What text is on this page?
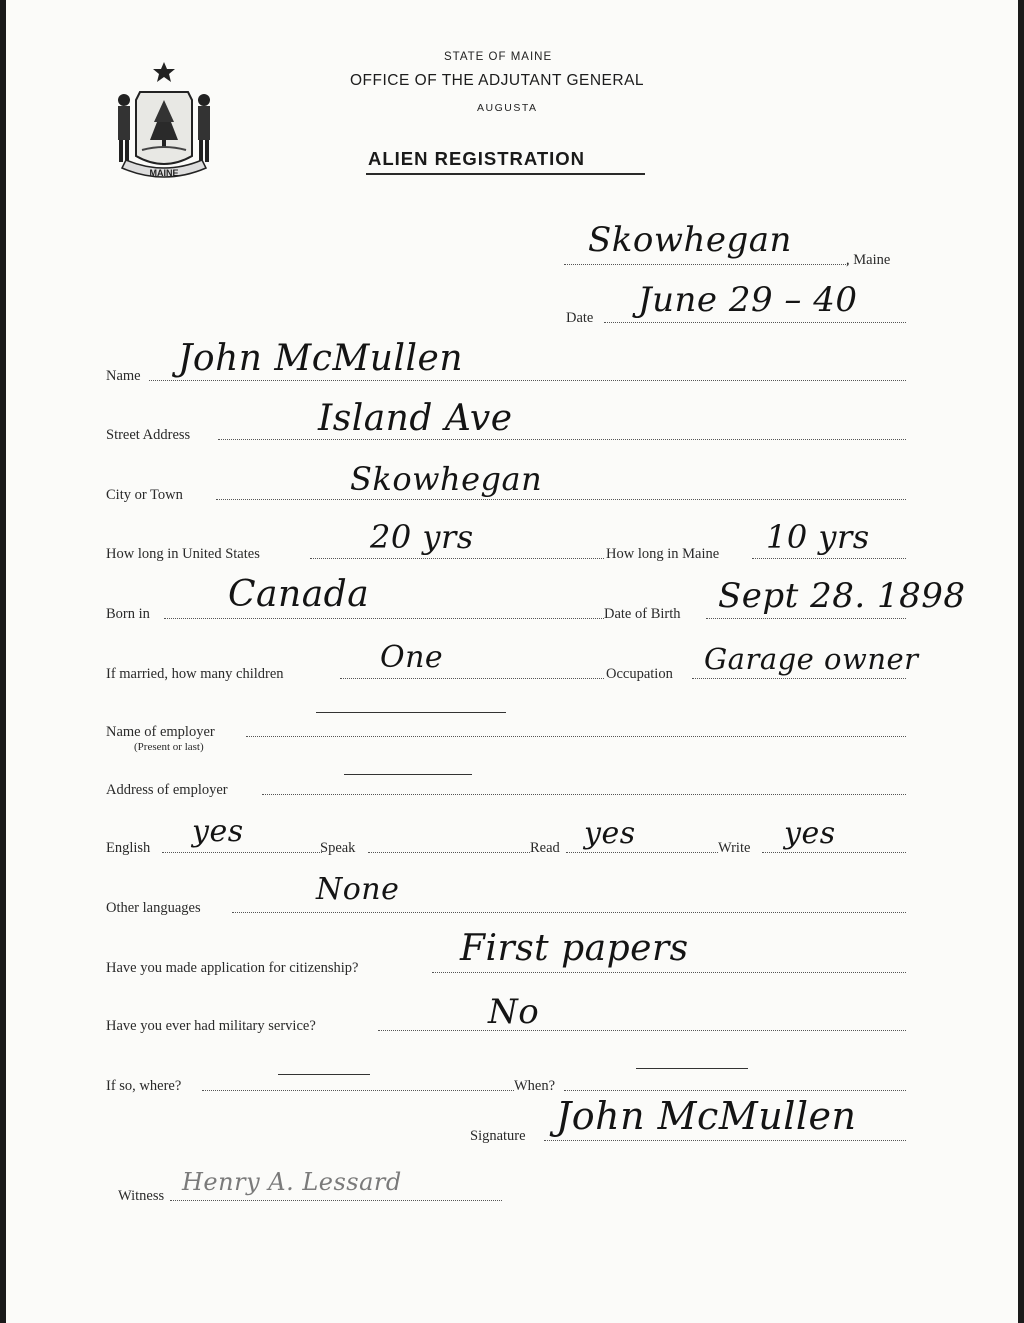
MAINE
STATE OF MAINE
OFFICE OF THE ADJUTANT GENERAL
AUGUSTA
ALIEN REGISTRATION
Skowhegan	, Maine
Date June 29 – 40
Name John McMullen
Street Address	Island Ave
City or Town	Skowhegan
How long in United States	20 yrs	How long in Maine 10 yrs
Born in Canada	Date of Birth Sept 28. 1898
If married, how many children	One	Occupation Garage owner
Name of employer
(Present or last)
Address of employer
English yes	Speak	Read yes	Write yes
Other languages
None
Have you made application for citizenship?	First papers
Have you ever had military service?	No
If so, where?	When?
Signature John McMullen
Witness Henry A. Lessard
